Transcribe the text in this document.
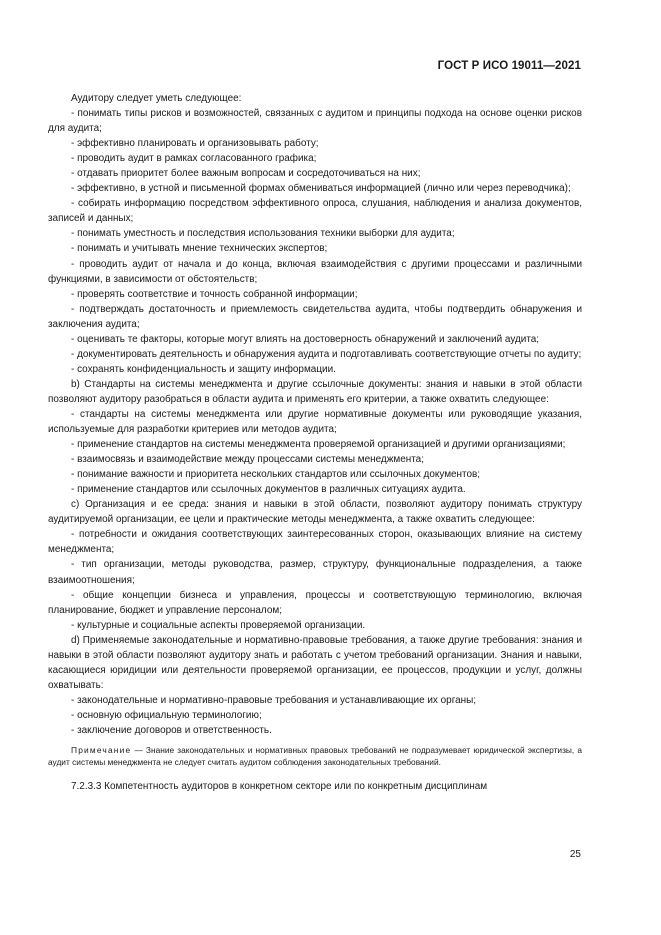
ГОСТ Р ИСО 19011—2021

Аудитору следует уметь следующее:

- понимать типы рисков и возможностей, связанных с аудитом и принципы подхода на основе оценки рисков для аудита;

- эффективно планировать и организовывать работу;

- проводить аудит в рамках согласованного графика;

- отдавать приоритет более важным вопросам и сосредоточиваться на них;

- эффективно, в устной и письменной формах обмениваться информацией (лично или через переводчика);

- собирать информацию посредством эффективного опроса, слушания, наблюдения и анализа документов, записей и данных;

- понимать уместность и последствия использования техники выборки для аудита;

- понимать и учитывать мнение технических экспертов;

- проводить аудит от начала и до конца, включая взаимодействия с другими процессами и различными функциями, в зависимости от обстоятельств;

- проверять соответствие и точность собранной информации;

- подтверждать достаточность и приемлемость свидетельства аудита, чтобы подтвердить обнаружения и заключения аудита;

- оценивать те факторы, которые могут влиять на достоверность обнаружений и заключений аудита;

- документировать деятельность и обнаружения аудита и подготавливать соответствующие отчеты по аудиту;

- сохранять конфиденциальность и защиту информации.

b) Стандарты на системы менеджмента и другие ссылочные документы: знания и навыки в этой области позволяют аудитору разобраться в области аудита и применять его критерии, а также охватить следующее:

- стандарты на системы менеджмента или другие нормативные документы или руководящие указания, используемые для разработки критериев или методов аудита;

- применение стандартов на системы менеджмента проверяемой организацией и другими организациями;

- взаимосвязь и взаимодействие между процессами системы менеджмента;

- понимание важности и приоритета нескольких стандартов или ссылочных документов;

- применение стандартов или ссылочных документов в различных ситуациях аудита.

c) Организация и ее среда: знания и навыки в этой области, позволяют аудитору понимать структуру аудитируемой организации, ее цели и практические методы менеджмента, а также охватить следующее:

- потребности и ожидания соответствующих заинтересованных сторон, оказывающих влияние на систему менеджмента;

- тип организации, методы руководства, размер, структуру, функциональные подразделения, а также взаимоотношения;

- общие концепции бизнеса и управления, процессы и соответствующую терминологию, включая планирование, бюджет и управление персоналом;

- культурные и социальные аспекты проверяемой организации.

d) Применяемые законодательные и нормативно-правовые требования, а также другие требования: знания и навыки в этой области позволяют аудитору знать и работать с учетом требований организации. Знания и навыки, касающиеся юридиции или деятельности проверяемой организации, ее процессов, продукции и услуг, должны охватывать:

- законодательные и нормативно-правовые требования и устанавливающие их органы;

- основную официальную терминологию;

- заключение договоров и ответственность.

Примечание — Знание законодательных и нормативных правовых требований не подразумевает юридической экспертизы, а аудит системы менеджмента не следует считать аудитом соблюдения законодательных требований.

7.2.3.3 Компетентность аудиторов в конкретном секторе или по конкретным дисциплинам

25
